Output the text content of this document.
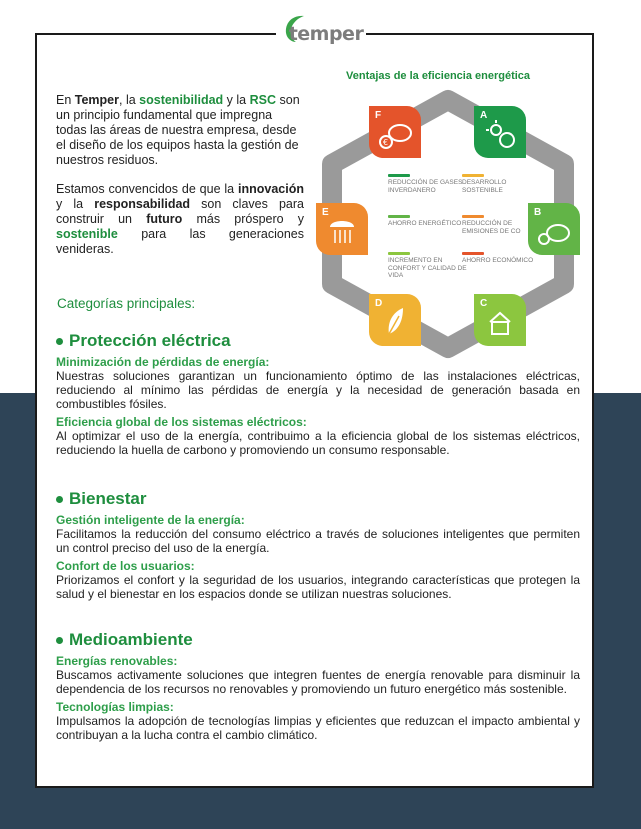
temper

En Temper, la sostenibilidad y la RSC son un principio fundamental que impregna todas las áreas de nuestra empresa, desde el diseño de los equipos hasta la gestión de nuestros residuos.

Estamos convencidos de que la innovación y la responsabilidad son claves para construir un futuro más próspero y sostenible para las generaciones venideras.

Ventajas de la eficiencia energética
F
€
A
B
C
D
E
REDUCCIÓN DE GASES INVERDANERO
DESARROLLO SOSTENIBLE
AHORRO ENERGÉTICO REDUCCIÓN DE EMISIONES DE CO
INCREMENTO EN CONFORT Y CALIDAD DE VIDA
AHORRO ECONÓMICO
Categorías principales:
Protección eléctrica
Minimización de pérdidas de energía:
Nuestras soluciones garantizan un funcionamiento óptimo de las instalaciones eléctricas, reduciendo al mínimo las pérdidas de energía y la necesidad de generación basada en combustibles fósiles.
Eficiencia global de los sistemas eléctricos:
Al optimizar el uso de la energía, contribuimo a la eficiencia global de los sistemas eléctricos, reduciendo la huella de carbono y promoviendo un consumo responsable.
Bienestar
Gestión inteligente de la energía:
Facilitamos la reducción del consumo eléctrico a través de soluciones inteligentes que permiten un control preciso del uso de la energía.
Confort de los usuarios:
Priorizamos el confort y la seguridad de los usuarios, integrando características que protegen la salud y el bienestar en los espacios donde se utilizan nuestras soluciones.
Medioambiente
Energías renovables:
Buscamos activamente soluciones que integren fuentes de energía renovable para disminuir la dependencia de los recursos no renovables y promoviendo un futuro energético más sostenible.
Tecnologías limpias:
Impulsamos la adopción de tecnologías limpias y eficientes que reduzcan el impacto ambiental y contribuyan a la lucha contra el cambio climático.
